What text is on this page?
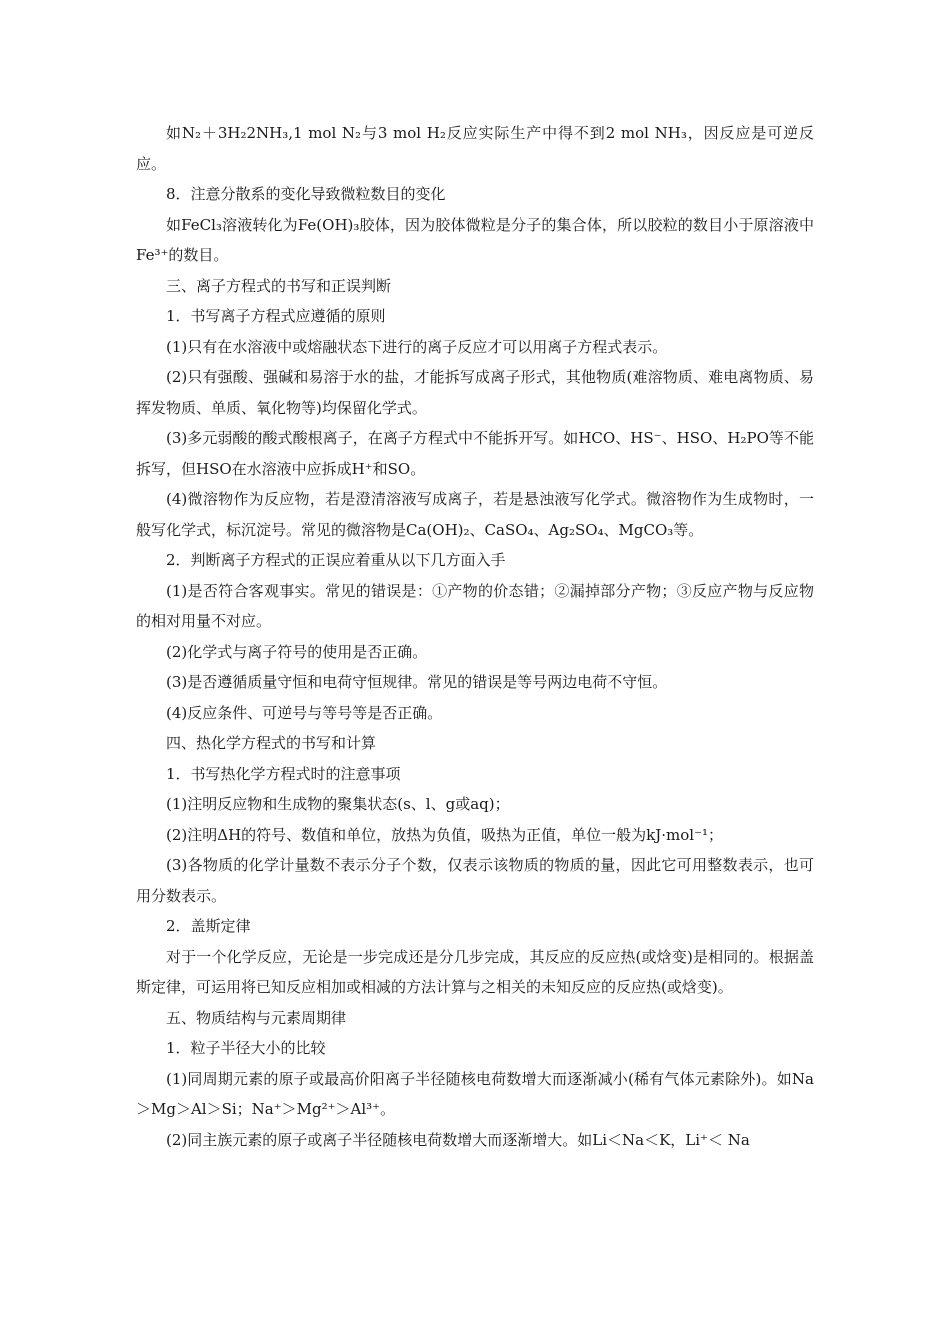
如N₂＋3H₂2NH₃,1 mol N₂与3 mol H₂反应实际生产中得不到2 mol NH₃，因反应是可逆反应。

8．注意分散系的变化导致微粒数目的变化

如FeCl₃溶液转化为Fe(OH)₃胶体，因为胶体微粒是分子的集合体，所以胶粒的数目小于原溶液中Fe³⁺的数目。

三、离子方程式的书写和正误判断

1．书写离子方程式应遵循的原则

(1)只有在水溶液中或熔融状态下进行的离子反应才可以用离子方程式表示。

(2)只有强酸、强碱和易溶于水的盐，才能拆写成离子形式，其他物质(难溶物质、难电离物质、易挥发物质、单质、氧化物等)均保留化学式。

(3)多元弱酸的酸式酸根离子，在离子方程式中不能拆开写。如HCO、HS⁻、HSO、H₂PO等不能拆写，但HSO在水溶液中应拆成H⁺和SO。

(4)微溶物作为反应物，若是澄清溶液写成离子，若是悬浊液写化学式。微溶物作为生成物时，一般写化学式，标沉淀号。常见的微溶物是Ca(OH)₂、CaSO₄、Ag₂SO₄、MgCO₃等。

2．判断离子方程式的正误应着重从以下几方面入手

(1)是否符合客观事实。常见的错误是：①产物的价态错；②漏掉部分产物；③反应产物与反应物的相对用量不对应。

(2)化学式与离子符号的使用是否正确。

(3)是否遵循质量守恒和电荷守恒规律。常见的错误是等号两边电荷不守恒。

(4)反应条件、可逆号与等号等是否正确。

四、热化学方程式的书写和计算

1．书写热化学方程式时的注意事项

(1)注明反应物和生成物的聚集状态(s、l、g或aq)；

(2)注明ΔH的符号、数值和单位，放热为负值，吸热为正值，单位一般为kJ·mol⁻¹；

(3)各物质的化学计量数不表示分子个数，仅表示该物质的物质的量，因此它可用整数表示，也可用分数表示。

2．盖斯定律

对于一个化学反应，无论是一步完成还是分几步完成，其反应的反应热(或焓变)是相同的。根据盖斯定律，可运用将已知反应相加或相减的方法计算与之相关的未知反应的反应热(或焓变)。

五、物质结构与元素周期律

1．粒子半径大小的比较

(1)同周期元素的原子或最高价阳离子半径随核电荷数增大而逐渐减小(稀有气体元素除外)。如Na＞Mg＞Al＞Si；Na⁺＞Mg²⁺＞Al³⁺。

(2)同主族元素的原子或离子半径随核电荷数增大而逐渐增大。如Li＜Na＜K，Li⁺＜ Na
